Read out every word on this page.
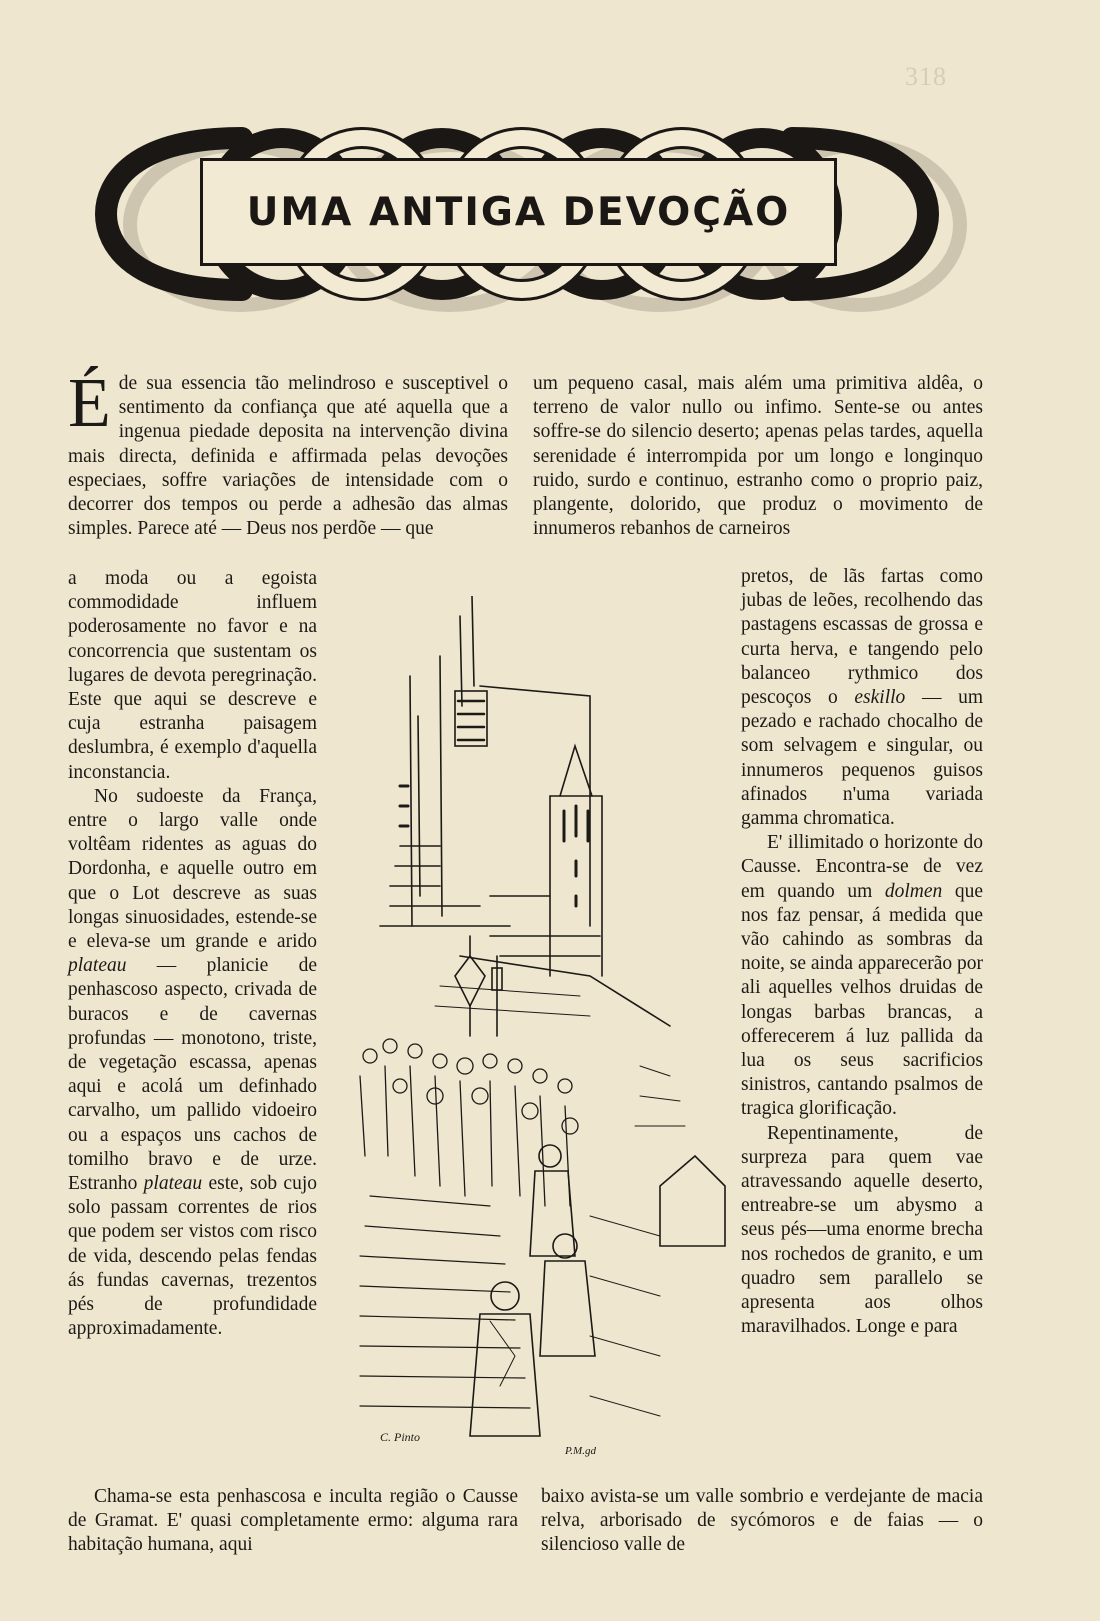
318
UMA ANTIGA DEVOÇÃO

Éde sua essencia tão melindroso e susceptivel o sentimento da confiança que até aquella que a ingenua piedade deposita na intervenção divina mais directa, definida e affirmada pelas devoções especiaes, soffre variações de intensidade com o decorrer dos tempos ou perde a adhesão das almas simples. Parece até — Deus nos perdõe — que

um pequeno casal, mais além uma primitiva aldêa, o terreno de valor nullo ou infimo. Sente-se ou antes soffre-se do silencio deserto; apenas pelas tardes, aquella serenidade é interrompida por um longo e longinquo ruido, surdo e continuo, estranho como o proprio paiz, plangente, dolorido, que produz o movimento de innumeros rebanhos de carneiros

a moda ou a egoista commodidade influem poderosamente no favor e na concorrencia que sustentam os lugares de devota peregrinação. Este que aqui se descreve e cuja estranha paisagem deslumbra, é exemplo d'aquella inconstancia.

No sudoeste da França, entre o largo valle onde voltêam ridentes as aguas do Dordonha, e aquelle outro em que o Lot descreve as suas longas sinuosidades, estende-se e eleva-se um grande e arido plateau — planicie de penhascoso aspecto, crivada de buracos e de cavernas profundas — monotono, triste, de vegetação escassa, apenas aqui e acolá um definhado carvalho, um pallido vidoeiro ou a espaços uns cachos de tomilho bravo e de urze. Estranho plateau este, sob cujo solo passam correntes de rios que podem ser vistos com risco de vida, descendo pelas fendas ás fundas cavernas, trezentos pés de profundidade approximadamente.

pretos, de lãs fartas como jubas de leões, recolhendo das pastagens escassas de grossa e curta herva, e tangendo pelo balanceo rythmico dos pescoços o eskillo — um pezado e rachado chocalho de som selvagem e singular, ou innumeros pequenos guisos afinados n'uma variada gamma chromatica.

E' illimitado o horizonte do Causse. Encontra-se de vez em quando um dolmen que nos faz pensar, á medida que vão cahindo as sombras da noite, se ainda apparecerão por ali aquelles velhos druidas de longas barbas brancas, a offerecerem á luz pallida da lua os seus sacrificios sinistros, cantando psalmos de tragica glorificação.

Repentinamente, de surpreza para quem vae atravessando aquelle deserto, entreabre-se um abysmo a seus pés—uma enorme brecha nos rochedos de granito, e um quadro sem parallelo se apresenta aos olhos maravilhados. Longe e para

Chama-se esta penhascosa e inculta região o Causse de Gramat. E' quasi completamente ermo: alguma rara habitação humana, aqui

baixo avista-se um valle sombrio e verdejante de macia relva, arborisado de sycómoros e de faias — o silencioso valle de

C. Pinto
P.M.gd
